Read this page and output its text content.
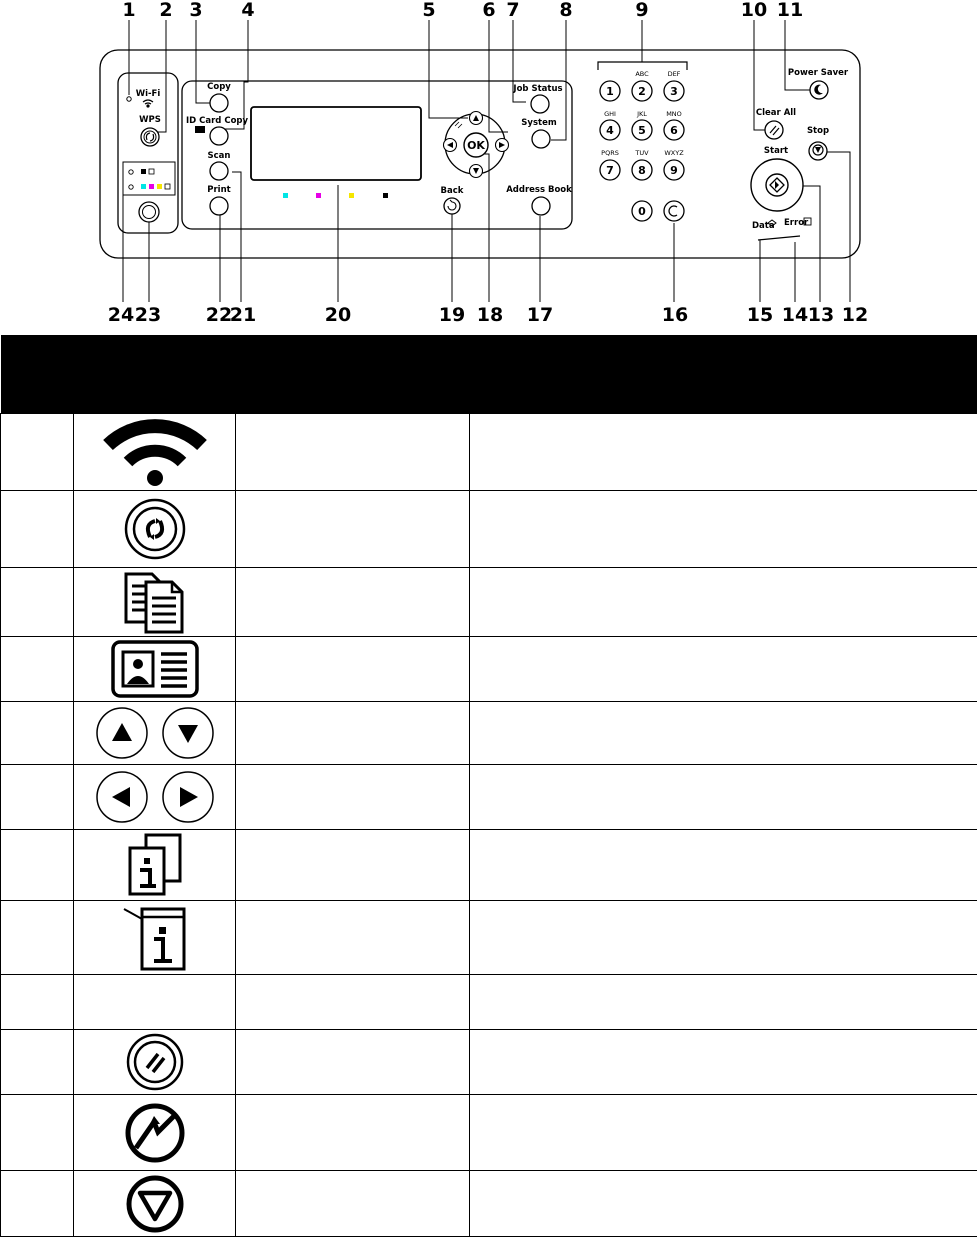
1 2 3 4	5 6 7 8	9	10 11
12
13
14
15
16
17
18
19
20
21
22
23
24
Wi-Fi
WPS
Copy
ID Card Copy
Scan
Print
OK
Back
Job Status
System
Address Book
1
ABC
2
DEF
3
GHI
4
JKL
5
MNO
6
PQRS
7
TUV
8
WXYZ
9
0
Power Saver
Clear All
Stop
Start
Data Error
